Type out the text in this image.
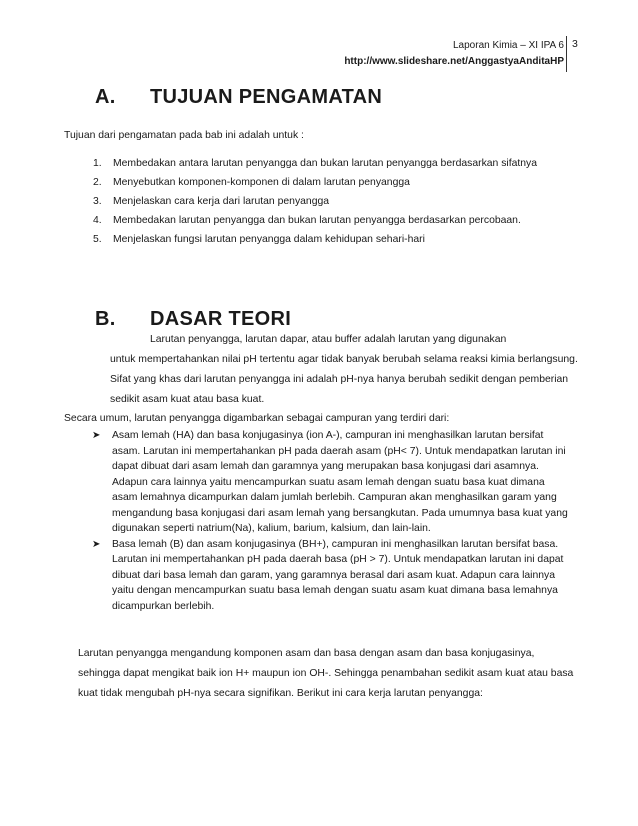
Laporan Kimia – XI IPA 6
http://www.slideshare.net/AnggastyaAnditaHP
3
A. TUJUAN PENGAMATAN
Tujuan dari pengamatan pada bab ini adalah untuk :
1. Membedakan antara larutan penyangga dan bukan larutan penyangga berdasarkan sifatnya
2. Menyebutkan komponen-komponen di dalam larutan penyangga
3. Menjelaskan cara kerja dari larutan penyangga
4. Membedakan larutan penyangga dan bukan larutan penyangga berdasarkan percobaan.
5. Menjelaskan fungsi larutan penyangga dalam kehidupan sehari-hari
B. DASAR TEORI
Larutan penyangga, larutan dapar, atau buffer adalah larutan yang digunakan
untuk mempertahankan nilai pH tertentu agar tidak banyak berubah selama reaksi kimia berlangsung. Sifat yang khas dari larutan penyangga ini adalah pH-nya hanya berubah sedikit dengan pemberian sedikit asam kuat atau basa kuat.
Secara umum, larutan penyangga digambarkan sebagai campuran yang terdiri dari:
➤ Asam lemah (HA) dan basa konjugasinya (ion A-), campuran ini menghasilkan larutan bersifat asam. Larutan ini mempertahankan pH pada daerah asam (pH< 7). Untuk mendapatkan larutan ini dapat dibuat dari asam lemah dan garamnya yang merupakan basa konjugasi dari asamnya. Adapun cara lainnya yaitu mencampurkan suatu asam lemah dengan suatu basa kuat dimana asam lemahnya dicampurkan dalam jumlah berlebih. Campuran akan menghasilkan garam yang mengandung basa konjugasi dari asam lemah yang bersangkutan. Pada umumnya basa kuat yang digunakan seperti natrium(Na), kalium, barium, kalsium, dan lain-lain.
➤ Basa lemah (B) dan asam konjugasinya (BH+), campuran ini menghasilkan larutan bersifat basa. Larutan ini mempertahankan pH pada daerah basa (pH > 7). Untuk mendapatkan larutan ini dapat dibuat dari basa lemah dan garam, yang garamnya berasal dari asam kuat. Adapun cara lainnya yaitu dengan mencampurkan suatu basa lemah dengan suatu asam kuat dimana basa lemahnya dicampurkan berlebih.
Larutan penyangga mengandung komponen asam dan basa dengan asam dan basa konjugasinya, sehingga dapat mengikat baik ion H+ maupun ion OH-. Sehingga penambahan sedikit asam kuat atau basa kuat tidak mengubah pH-nya secara signifikan. Berikut ini cara kerja larutan penyangga:
